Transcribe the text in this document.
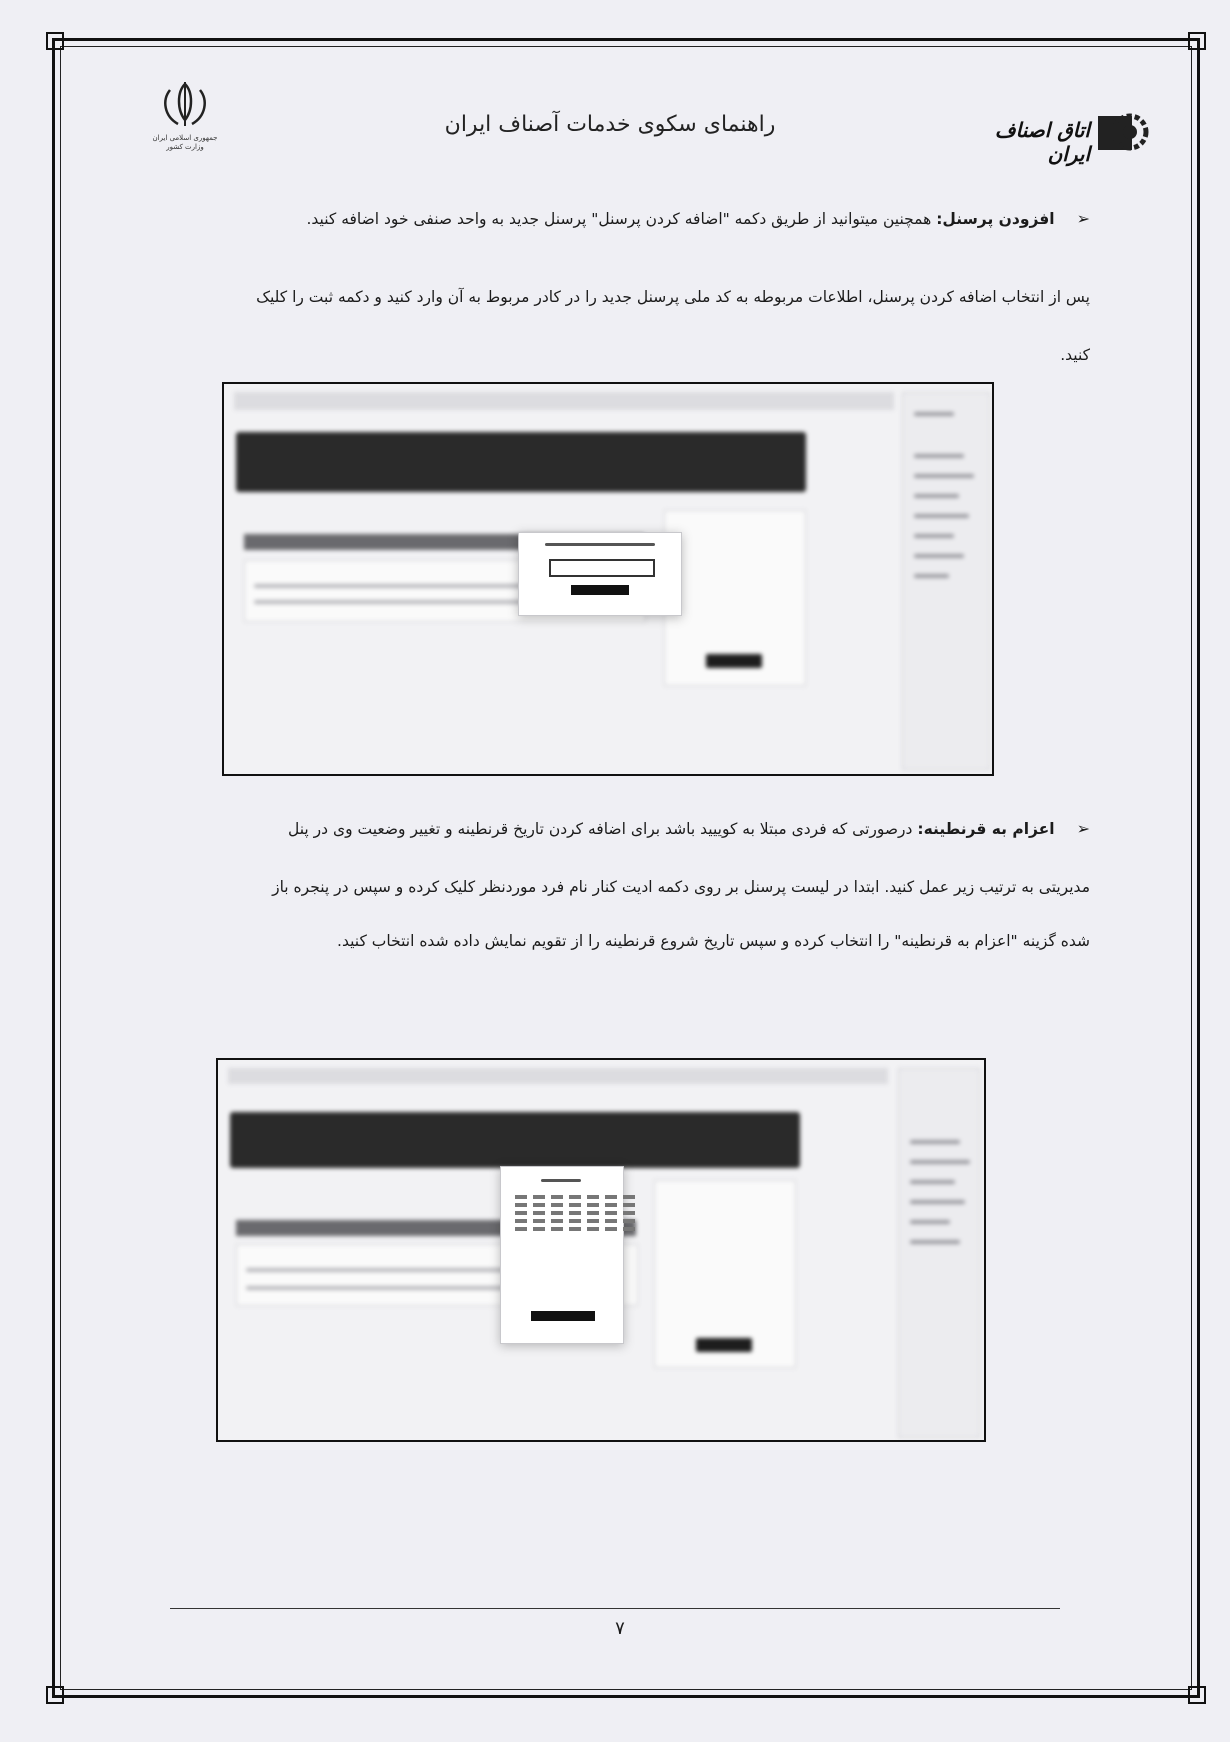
جمهوری اسلامی ایران
وزارت کشور
راهنمای سکوی خدمات آصناف ایران	اتاق اصناف ایران
➢افزودن پرسنل: همچنین میتوانید از طریق دکمه "اضافه کردن پرسنل" پرسنل جدید به واحد صنفی خود اضافه کنید.
پس از انتخاب اضافه کردن پرسنل، اطلاعات مربوطه به کد ملی پرسنل جدید را در کادر مربوط به آن وارد کنید و دکمه ثبت را کلیک
کنید.
➢اعزام به قرنطینه: درصورتی که فردی مبتلا به کوییید باشد برای اضافه کردن تاریخ قرنطینه و تغییر وضعیت وی در پنل
مدیریتی به ترتیب زیر عمل کنید. ابتدا در لیست پرسنل بر روی دکمه ادیت کنار نام فرد موردنظر کلیک کرده و سپس در پنجره باز
شده گزینه "اعزام به قرنطینه" را انتخاب کرده و سپس تاریخ شروع قرنطینه را از تقویم نمایش داده شده انتخاب کنید.
۷
